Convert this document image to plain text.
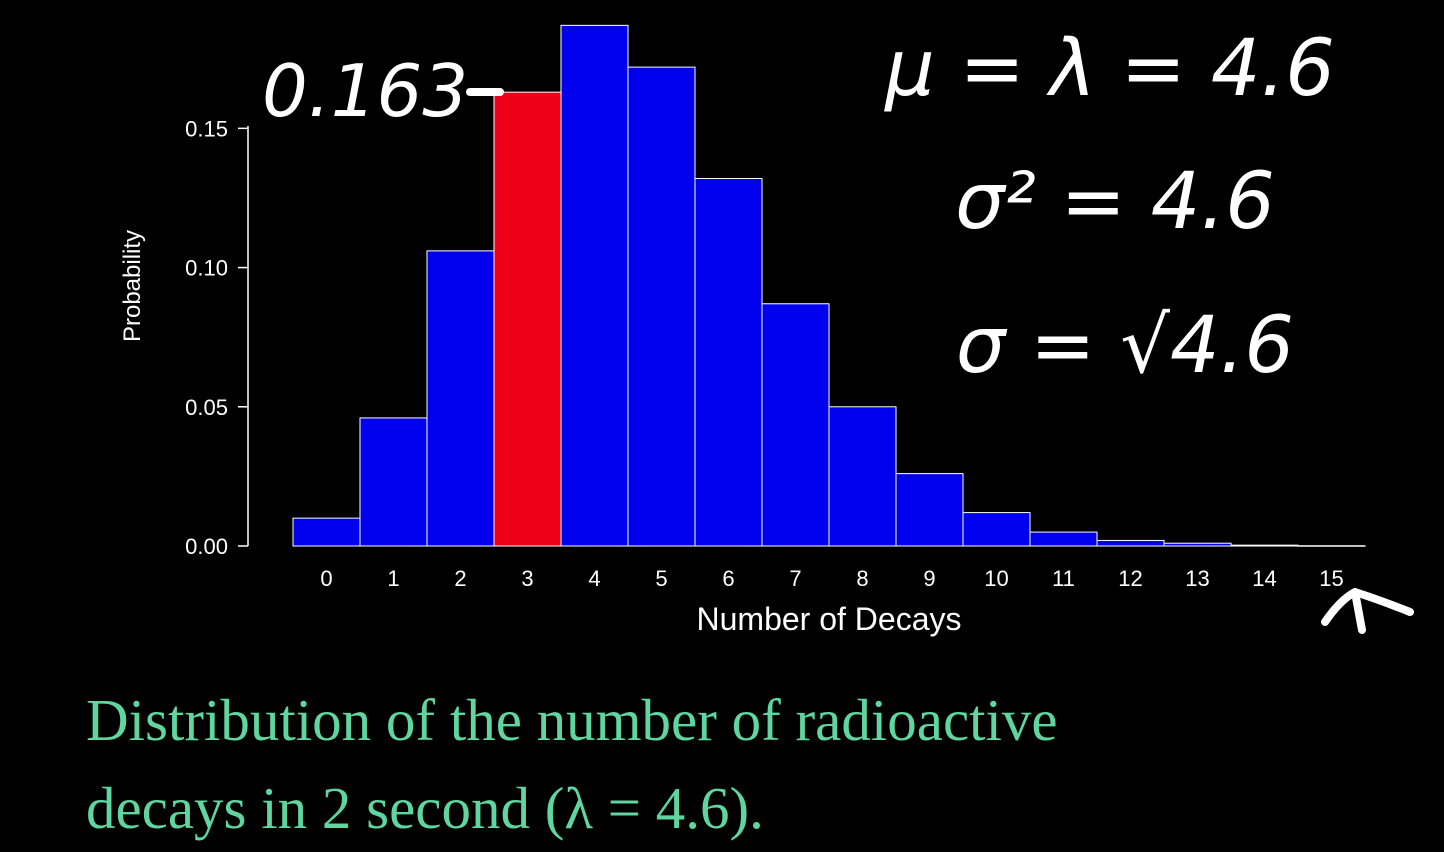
0.00
0.05
0.10
0.15
Probability
0 1 2 3 4 5 6 7 8 9 10 11 12 13 14 15
Number of Decays
0.163	μ = λ = 4.6
σ² = 4.6
σ = √4.6
Distribution of the number of radioactive
decays in 2 second (λ = 4.6).
